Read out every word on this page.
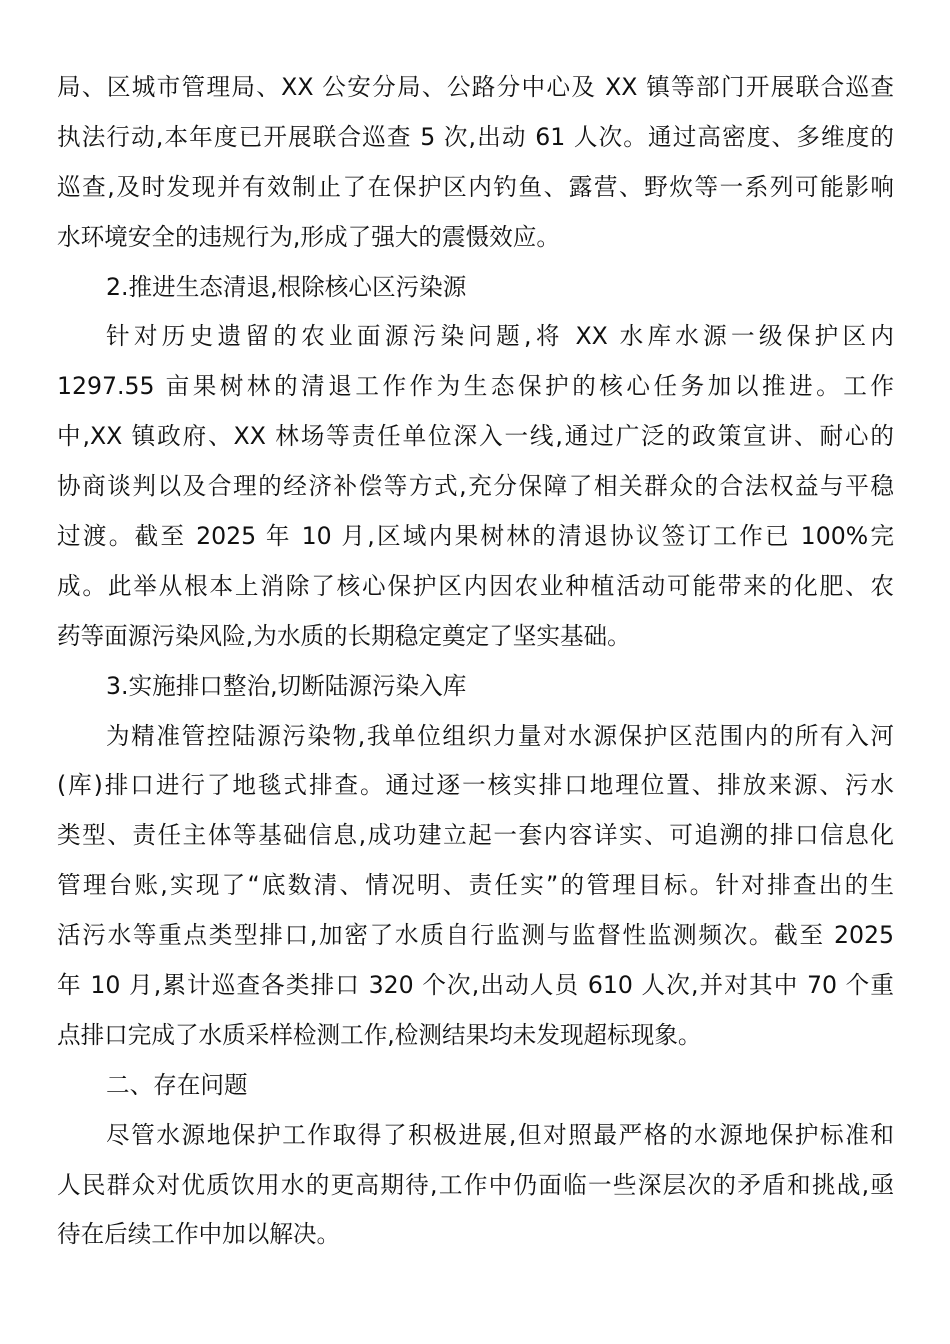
局、区城市管理局、XX 公安分局、公路分中心及 XX 镇等部门开展联合巡查
执法行动,本年度已开展联合巡查 5 次,出动 61 人次。通过高密度、多维度的
巡查,及时发现并有效制止了在保护区内钓鱼、露营、野炊等一系列可能影响
水环境安全的违规行为,形成了强大的震慑效应。
2.推进生态清退,根除核心区污染源
针对历史遗留的农业面源污染问题,将 XX 水库水源一级保护区内
1297.55 亩果树林的清退工作作为生态保护的核心任务加以推进。工作
中,XX 镇政府、XX 林场等责任单位深入一线,通过广泛的政策宣讲、耐心的
协商谈判以及合理的经济补偿等方式,充分保障了相关群众的合法权益与平稳
过渡。截至 2025 年 10 月,区域内果树林的清退协议签订工作已 100%完
成。此举从根本上消除了核心保护区内因农业种植活动可能带来的化肥、农
药等面源污染风险,为水质的长期稳定奠定了坚实基础。
3.实施排口整治,切断陆源污染入库
为精准管控陆源污染物,我单位组织力量对水源保护区范围内的所有入河
(库)排口进行了地毯式排查。通过逐一核实排口地理位置、排放来源、污水
类型、责任主体等基础信息,成功建立起一套内容详实、可追溯的排口信息化
管理台账,实现了“底数清、情况明、责任实”的管理目标。针对排查出的生
活污水等重点类型排口,加密了水质自行监测与监督性监测频次。截至 2025
年 10 月,累计巡查各类排口 320 个次,出动人员 610 人次,并对其中 70 个重
点排口完成了水质采样检测工作,检测结果均未发现超标现象。
二、存在问题
尽管水源地保护工作取得了积极进展,但对照最严格的水源地保护标准和
人民群众对优质饮用水的更高期待,工作中仍面临一些深层次的矛盾和挑战,亟
待在后续工作中加以解决。
